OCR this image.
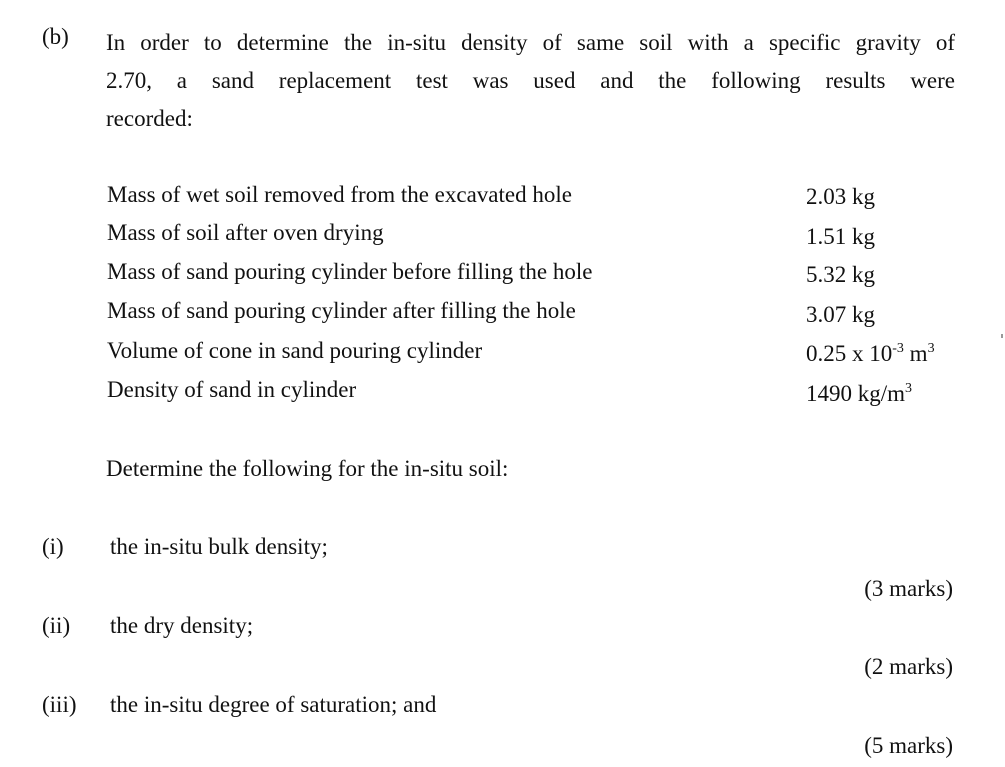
(b) In order to determine the in-situ density of same soil with a specific gravity of
2.70, a sand replacement test was used and the following results were
recorded:
Mass of wet soil removed from the excavated hole	2.03 kg
Mass of soil after oven drying	1.51 kg
Mass of sand pouring cylinder before filling the hole	5.32 kg
Mass of sand pouring cylinder after filling the hole	3.07 kg
Volume of cone in sand pouring cylinder	0.25 x $10^{-3}$ $m^3$
Density of sand in cylinder	1490 $kg/m^3$
Determine the following for the in-situ soil:
(i) the in-situ bulk density;
(3 marks)
(ii) the dry density;
(2 marks)
(iii) the in-situ degree of saturation; and
(5 marks)
